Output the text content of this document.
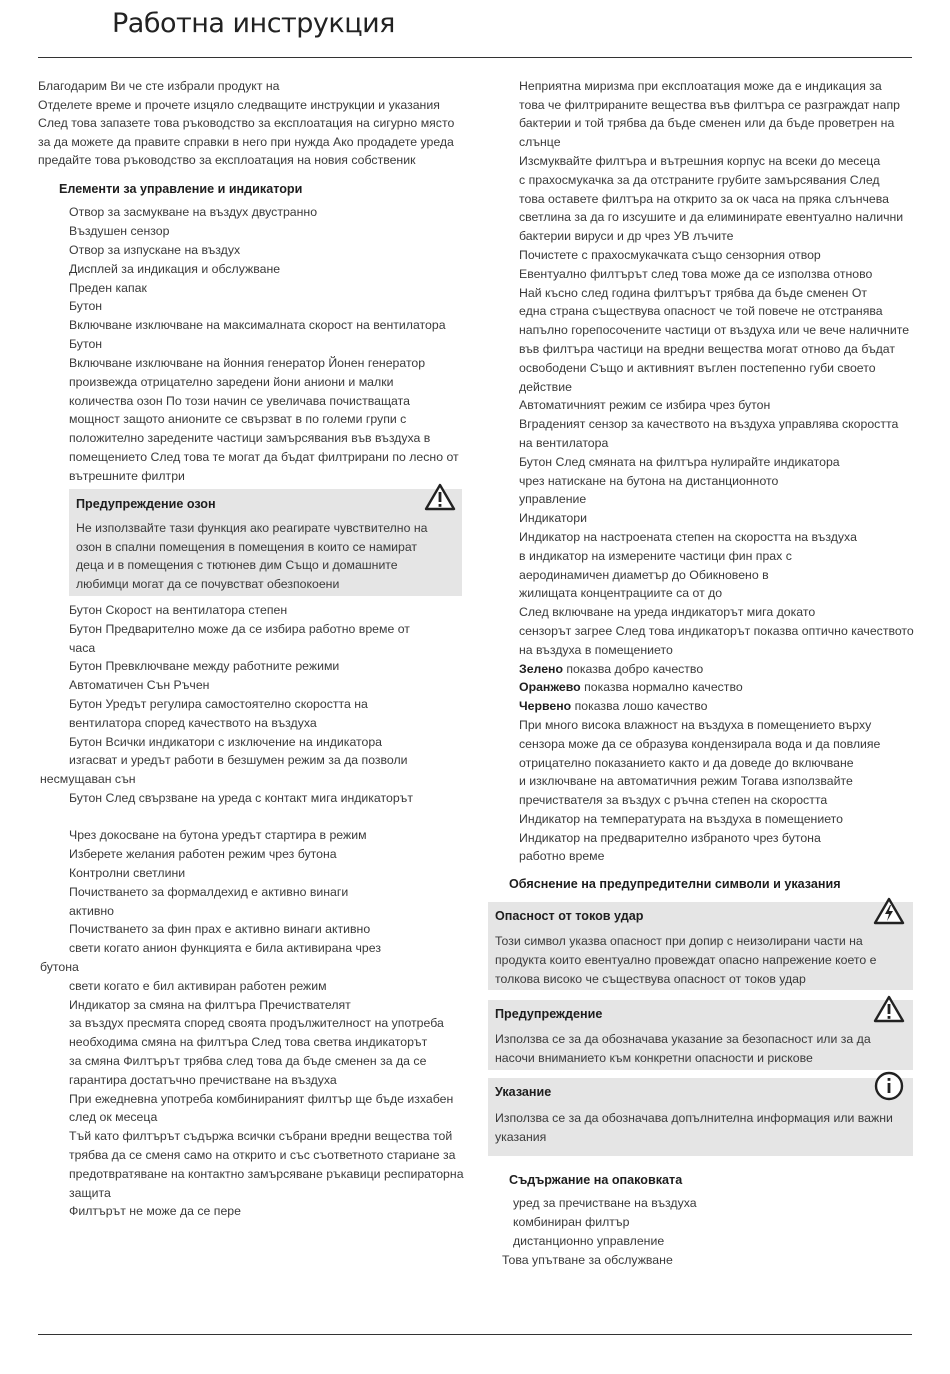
Работна инструкция
Благодарим Ви че сте избрали продукт на
Отделете време и прочете изцяло следващите инструкции и указания
След това запазете това ръководство за експлоатация на сигурно място
за да можете да правите справки в него при нужда Ако продадете уреда
предайте това ръководство за експлоатация на новия собственик
Елементи за управление и индикатори
Отвор за засмукване на въздух двустранно
Въздушен сензор
Отвор за изпускане на въздух
Дисплей за индикация и обслужване
Преден капак
Бутон
Включване изключване на максималната скорост на вентилатора
Бутон
Включване изключване на йонния генератор Йонен генератор
произвежда отрицателно заредени йони аниони и малки
количества озон По този начин се увеличава почистващата
мощност защото анионите се свързват в по големи групи с
положително заредените частици замърсявания във въздуха в
помещението След това те могат да бъдат филтрирани по лесно от
вътрешните филтри
Предупреждение озон
Не използвайте тази функция ако реагирате чувствително на
озон в спални помещения в помещения в които се намират
деца и в помещения с тютюнев дим Също и домашните
любимци могат да се почувстват обезпокоени
Бутон Скорост на вентилатора степен
Бутон Предварително може да се избира работно време от
часа
Бутон Превключване между работните режими
Автоматичен Сън Ръчен
Бутон Уредът регулира самостоятелно скоростта на
вентилатора според качеството на въздуха
Бутон Всички индикатори с изключение на индикатора
изгасват и уредът работи в безшумен режим за да позволи
несмущаван сън
Бутон След свързване на уреда с контакт мига индикаторът
Чрез докосване на бутона уредът стартира в режим
Изберете желания работен режим чрез бутона
Контролни светлини
Почистването за формалдехид е активно винаги
активно
Почистването за фин прах е активно винаги активно
свети когато анион функцията е била активирана чрез
бутона
свети когато е бил активиран работен режим
Индикатор за смяна на филтъра Пречиствателят
за въздух пресмята според своята продължителност на употреба
необходима смяна на филтъра След това светва индикаторът
за смяна Филтърът трябва след това да бъде сменен за да се
гарантира достатъчно пречистване на въздуха
При ежедневна употреба комбинираният филтър ще бъде изхабен
след ок месеца
Тъй като филтърът съдържа всички събрани вредни вещества той
трябва да се сменя само на открито и със съответното стариане за
предотвратяване на контактно замърсяване ръкавици респираторна
защита
Филтърът не може да се пере
Неприятна миризма при експлоатация може да е индикация за
това че филтрираните вещества във филтъра се разграждат напр
бактерии и той трябва да бъде сменен или да бъде проветрен на
слънце
Изсмуквайте филтъра и вътрешния корпус на всеки до месеца
с прахосмукачка за да отстраните грубите замърсявания След
това оставете филтъра на открито за ок часа на пряка слънчева
светлина за да го изсушите и да елиминирате евентуално налични
бактерии вируси и др чрез УВ лъчите
Почистете с прахосмукачката също сензорния отвор
Евентуално филтърът след това може да се използва отново
Най късно след година филтърът трябва да бъде сменен От
една страна съществува опасност че той повече не отстранява
напълно горепосочените частици от въздуха или че вече наличните
във филтъра частици на вредни вещества могат отново да бъдат
освободени Също и активният въглен постепенно губи своето
действие
Автоматичният режим се избира чрез бутон
Вграденият сензор за качеството на въздуха управлява скоростта
на вентилатора
Бутон След смяната на филтъра нулирайте индикатора
чрез натискане на бутона на дистанционното
управление
Индикатори
Индикатор на настроената степен на скоростта на въздуха
в индикатор на измерените частици фин прах с
аеродинамичен диаметър до Обикновено в
жилищата концентрациите са от до
След включване на уреда индикаторът мига докато
сензорът загрее След това индикаторът показва оптично качеството
на въздуха в помещението
Зелено показва добро качество
Оранжево показва нормално качество
Червено показва лошо качество
При много висока влажност на въздуха в помещението върху
сензора може да се образува кондензирала вода и да повлияе
отрицателно показанието както и да доведе до включване
и изключване на автоматичния режим Тогава използвайте
пречиствателя за въздух с ръчна степен на скоростта
Индикатор на температурата на въздуха в помещението
Индикатор на предварително избраното чрез бутона
работно време
Обяснение на предупредителни символи и указания
Опасност от токов удар
Този символ указва опасност при допир с неизолирани части на
продукта които евентуално провеждат опасно напрежение което е
толкова високо че съществува опасност от токов удар
Предупреждение
Използва се за да обозначава указание за безопасност или за да
насочи вниманието към конкретни опасности и рискове
Указание
Използва се за да обозначава допълнителна информация или важни
указания
Съдържание на опаковката
уред за пречистване на въздуха
комбиниран филтър
дистанционно управление
Това упътване за обслужване
